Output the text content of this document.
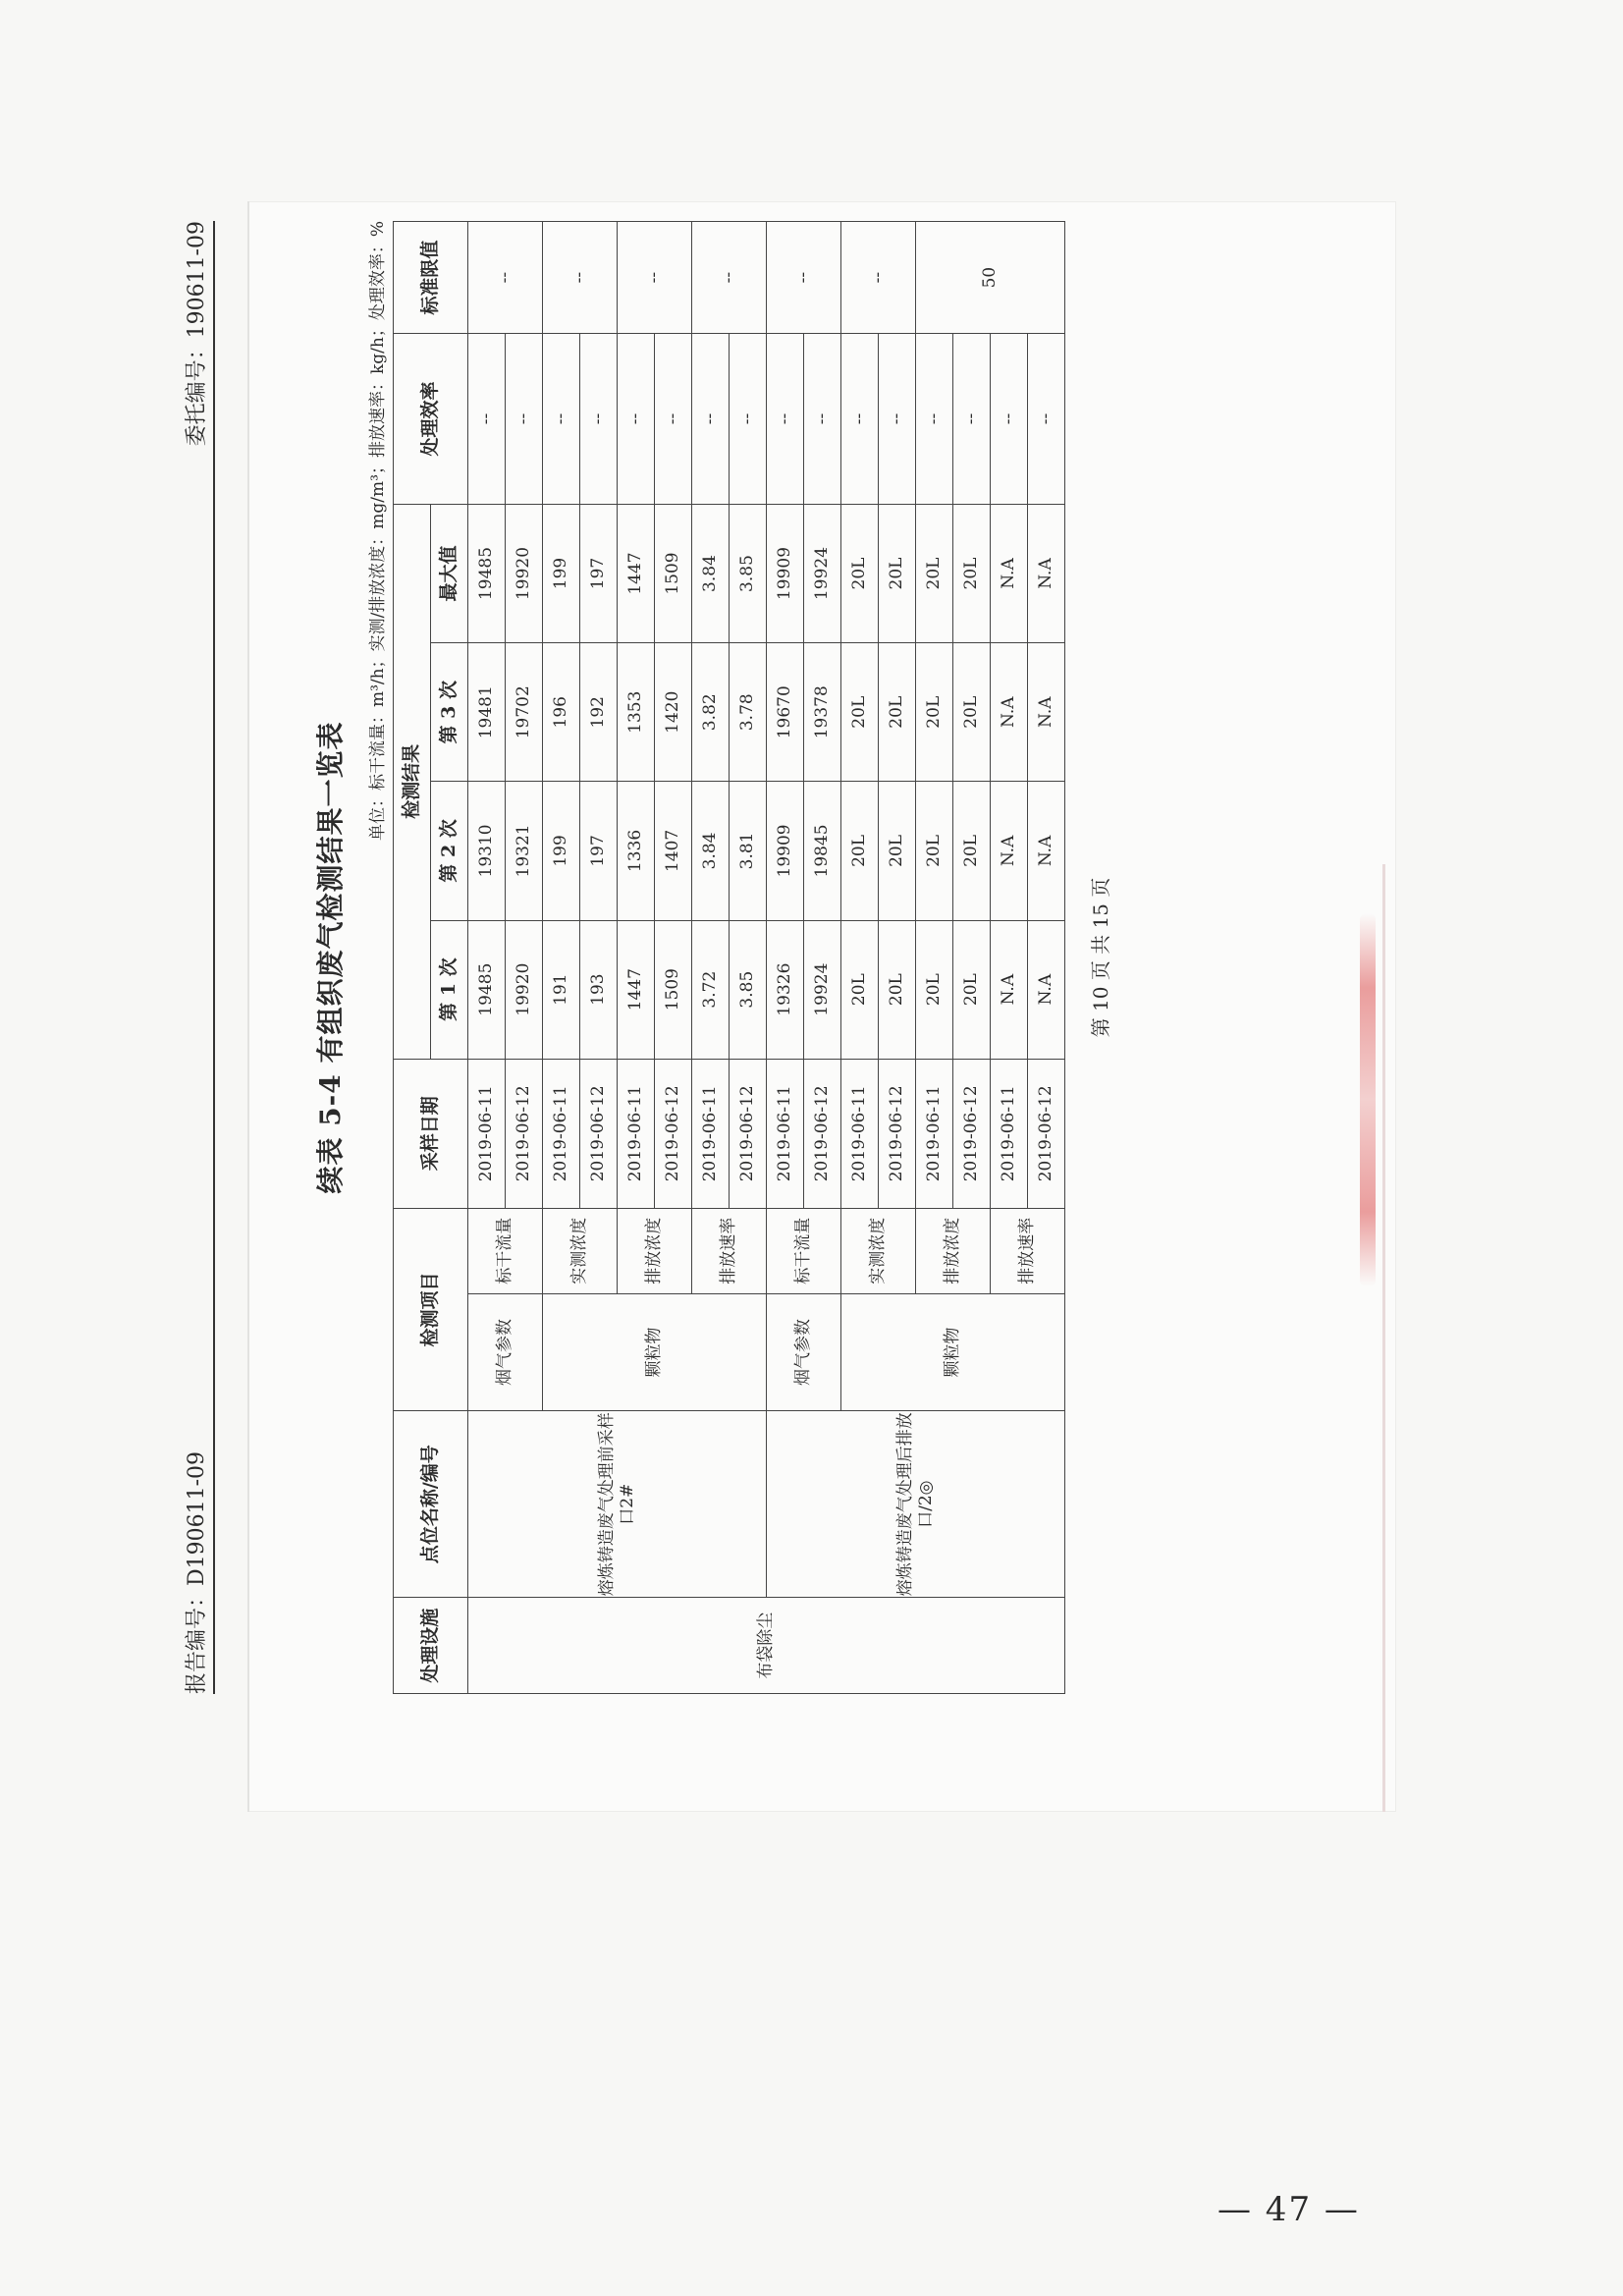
报告编号：D190611-09
委托编号：190611-09
续表 5-4 有组织废气检测结果一览表
单位：标干流量：m³/h；实测/排放浓度：mg/m³；排放速率：kg/h；处理效率：%
处理设施	点位名称/编号	检测项目		采样日期	检测结果				处理效率	标准限值
					第 1 次	第 2 次	第 3 次	最大值		
布袋除尘	熔炼铸造废气处理前采样口2#	烟气参数	标干流量	2019-06-11	19485	19310	19481	19485	--	--
				2019-06-12	19920	19321	19702	19920	--	
		颗粒物	实测浓度	2019-06-11	191	199	196	199	--	--
				2019-06-12	193	197	192	197	--	
			排放浓度	2019-06-11	1447	1336	1353	1447	--	--
				2019-06-12	1509	1407	1420	1509	--	
			排放速率	2019-06-11	3.72	3.84	3.82	3.84	--	--
				2019-06-12	3.85	3.81	3.78	3.85	--	
	熔炼铸造废气处理后排放口/2◎	烟气参数	标干流量	2019-06-11	19326	19909	19670	19909	--	--
				2019-06-12	19924	19845	19378	19924	--	
		颗粒物	实测浓度	2019-06-11	20L	20L	20L	20L	--	--
				2019-06-12	20L	20L	20L	20L	--	
			排放浓度	2019-06-11	20L	20L	20L	20L	--	50
				2019-06-12	20L	20L	20L	20L	--	
			排放速率	2019-06-11	N.A	N.A	N.A	N.A	--	
				2019-06-12	N.A	N.A	N.A	N.A	--	
第 10 页 共 15 页
— 47 —
